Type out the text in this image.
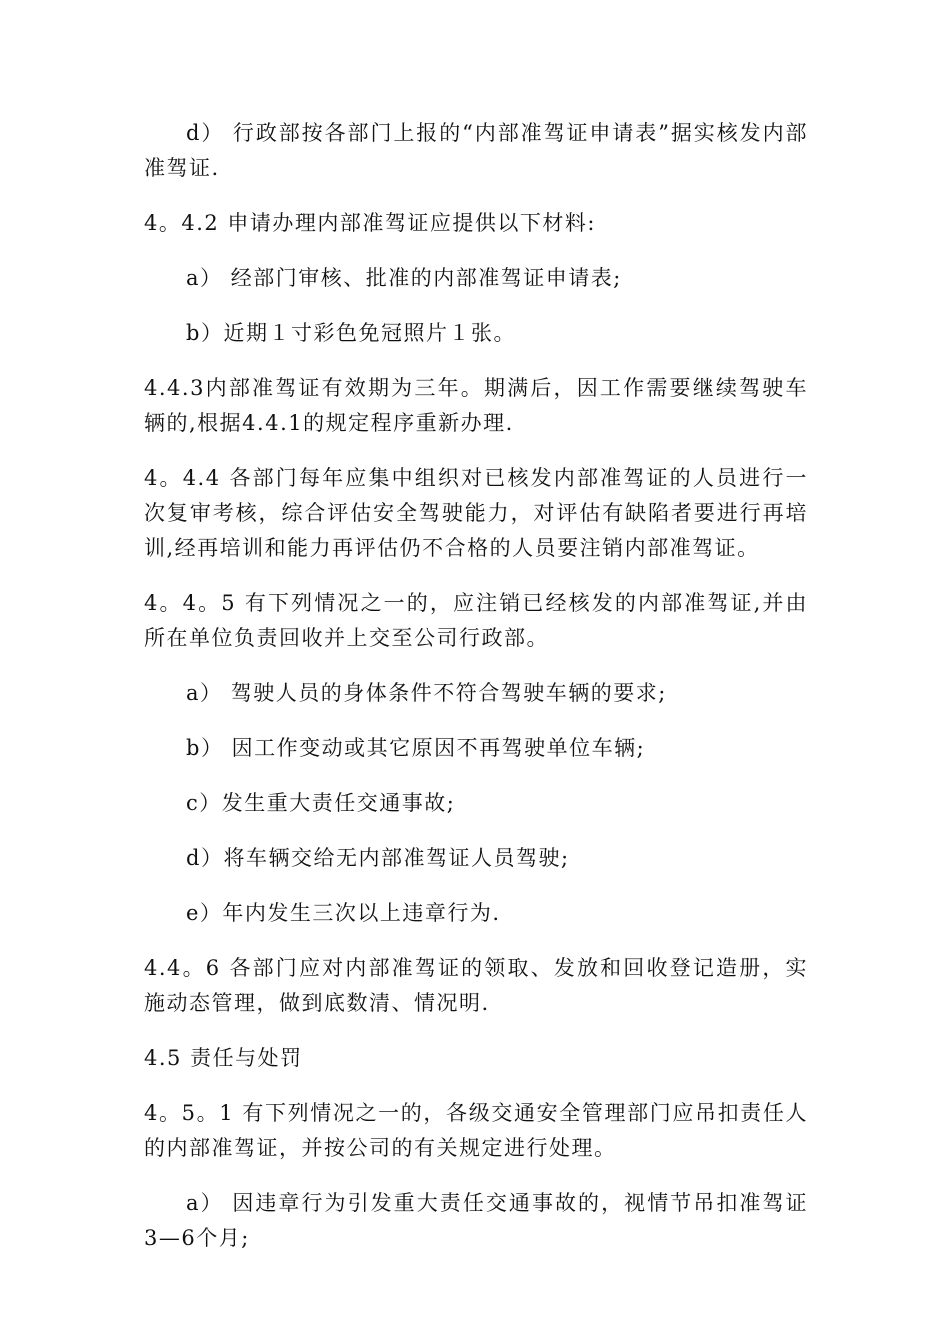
d） 行政部按各部门上报的“内部准驾证申请表”据实核发内部准驾证.

4。4.2 申请办理内部准驾证应提供以下材料:

a） 经部门审核、批准的内部准驾证申请表;

b）近期１寸彩色免冠照片１张。

4.4.3内部准驾证有效期为三年。期满后，因工作需要继续驾驶车辆的,根据4.4.1的规定程序重新办理.

4。4.4 各部门每年应集中组织对已核发内部准驾证的人员进行一次复审考核，综合评估安全驾驶能力，对评估有缺陷者要进行再培训,经再培训和能力再评估仍不合格的人员要注销内部准驾证。

4。4。5 有下列情况之一的，应注销已经核发的内部准驾证,并由所在单位负责回收并上交至公司行政部。

a） 驾驶人员的身体条件不符合驾驶车辆的要求;

b） 因工作变动或其它原因不再驾驶单位车辆;

c）发生重大责任交通事故;

d）将车辆交给无内部准驾证人员驾驶;

e）年内发生三次以上违章行为.

4.4。6 各部门应对内部准驾证的领取、发放和回收登记造册，实施动态管理，做到底数清、情况明.

4.5 责任与处罚

4。5。1 有下列情况之一的，各级交通安全管理部门应吊扣责任人的内部准驾证，并按公司的有关规定进行处理。

a） 因违章行为引发重大责任交通事故的，视情节吊扣准驾证3—6个月;
